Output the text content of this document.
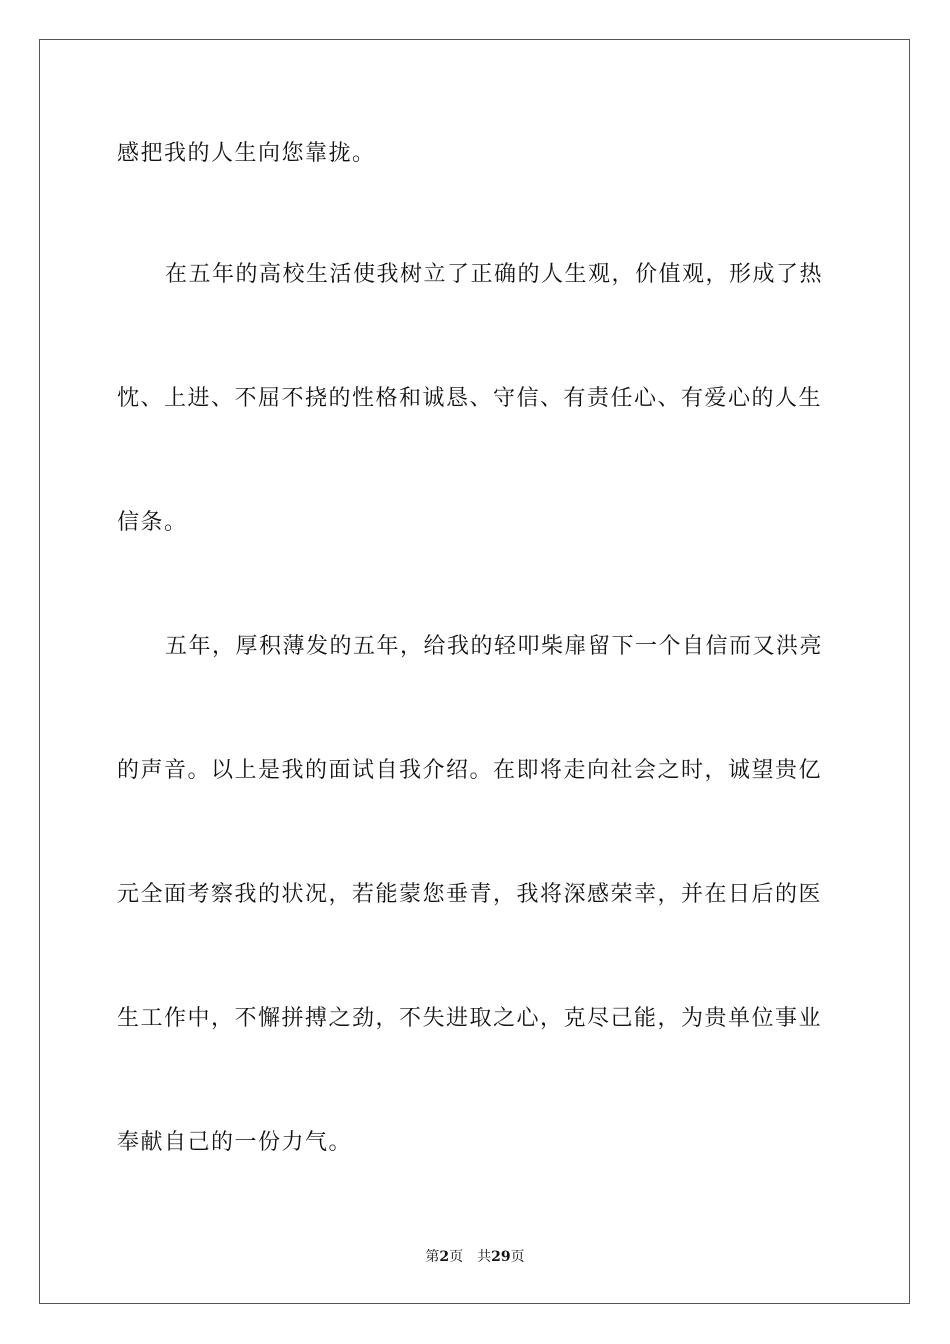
感把我的人生向您靠拢。
在五年的高校生活使我树立了正确的人生观，价值观，形成了热
忱、上进、不屈不挠的性格和诚恳、守信、有责任心、有爱心的人生
信条。
五年，厚积薄发的五年，给我的轻叩柴扉留下一个自信而又洪亮
的声音。以上是我的面试自我介绍。在即将走向社会之时，诚望贵亿
元全面考察我的状况，若能蒙您垂青，我将深感荣幸，并在日后的医
生工作中，不懈拼搏之劲，不失进取之心，克尽己能，为贵单位事业
奉献自己的一份力气。
第2页 共29页
